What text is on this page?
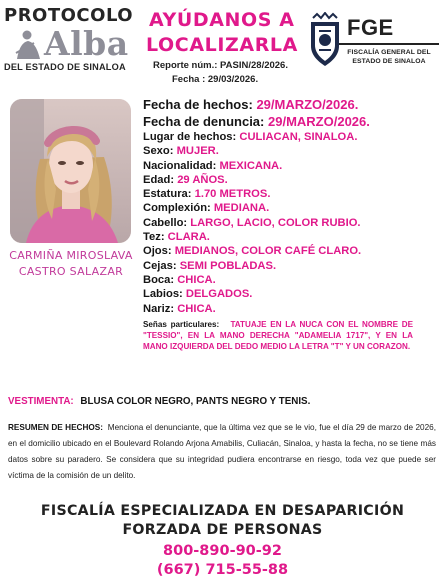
PROTOCOLO
Alba
DEL ESTADO DE SINALOA
AYÚDANOS A
LOCALIZARLA
Reporte núm.: PASIN/28/2026.
Fecha : 29/03/2026.
FGE
FISCALÍA GENERAL DEL
ESTADO DE SINALOA
CARMIÑA MIROSLAVA
CASTRO SALAZAR
Fecha de hechos: 29/MARZO/2026.
Fecha de denuncia: 29/MARZO/2026.
Lugar de hechos: CULIACAN, SINALOA.
Sexo: MUJER.
Nacionalidad: MEXICANA.
Edad: 29 AÑOS.
Estatura: 1.70 METROS.
Complexión: MEDIANA.
Cabello: LARGO, LACIO, COLOR RUBIO.
Tez: CLARA.
Ojos: MEDIANOS, COLOR CAFÉ CLARO.
Cejas: SEMI POBLADAS.
Boca: CHICA.
Labios: DELGADOS.
Nariz: CHICA.
Señas particulares: TATUAJE EN LA NUCA CON EL NOMBRE DE "TESSIO", EN LA MANO DERECHA "ADAMELIA 1717", Y EN LA MANO IZQUIERDA DEL DEDO MEDIO LA LETRA "T" Y UN CORAZON.
VESTIMENTA: BLUSA COLOR NEGRO, PANTS NEGRO Y TENIS.
RESUMEN DE HECHOS: Menciona el denunciante, que la última vez que se le vio, fue el día 29 de marzo de 2026, en el domicilio ubicado en el Boulevard Rolando Arjona Amabilis, Culiacán, Sinaloa, y hasta la fecha, no se tiene más datos sobre su paradero. Se considera que su integridad pudiera encontrarse en riesgo, toda vez que puede ser víctima de la comisión de un delito.
FISCALÍA ESPECIALIZADA EN DESAPARICIÓN
FORZADA DE PERSONAS
800-890-90-92
(667) 715-55-88
